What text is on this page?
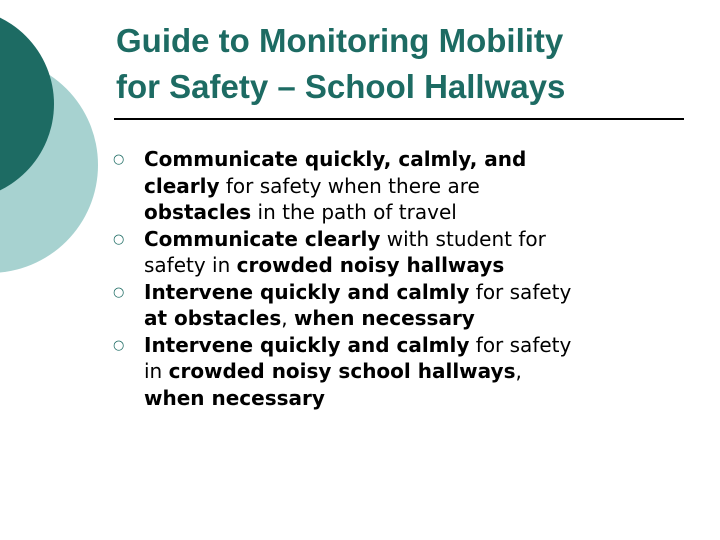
Guide to Monitoring Mobility
for Safety – School Hallways
○ Communicate quickly, calmly, and
clearly for safety when there are
obstacles in the path of travel
○ Communicate clearly with student for
safety in crowded noisy hallways
○ Intervene quickly and calmly for safety
at obstacles, when necessary
○ Intervene quickly and calmly for safety
in crowded noisy school hallways,
when necessary
